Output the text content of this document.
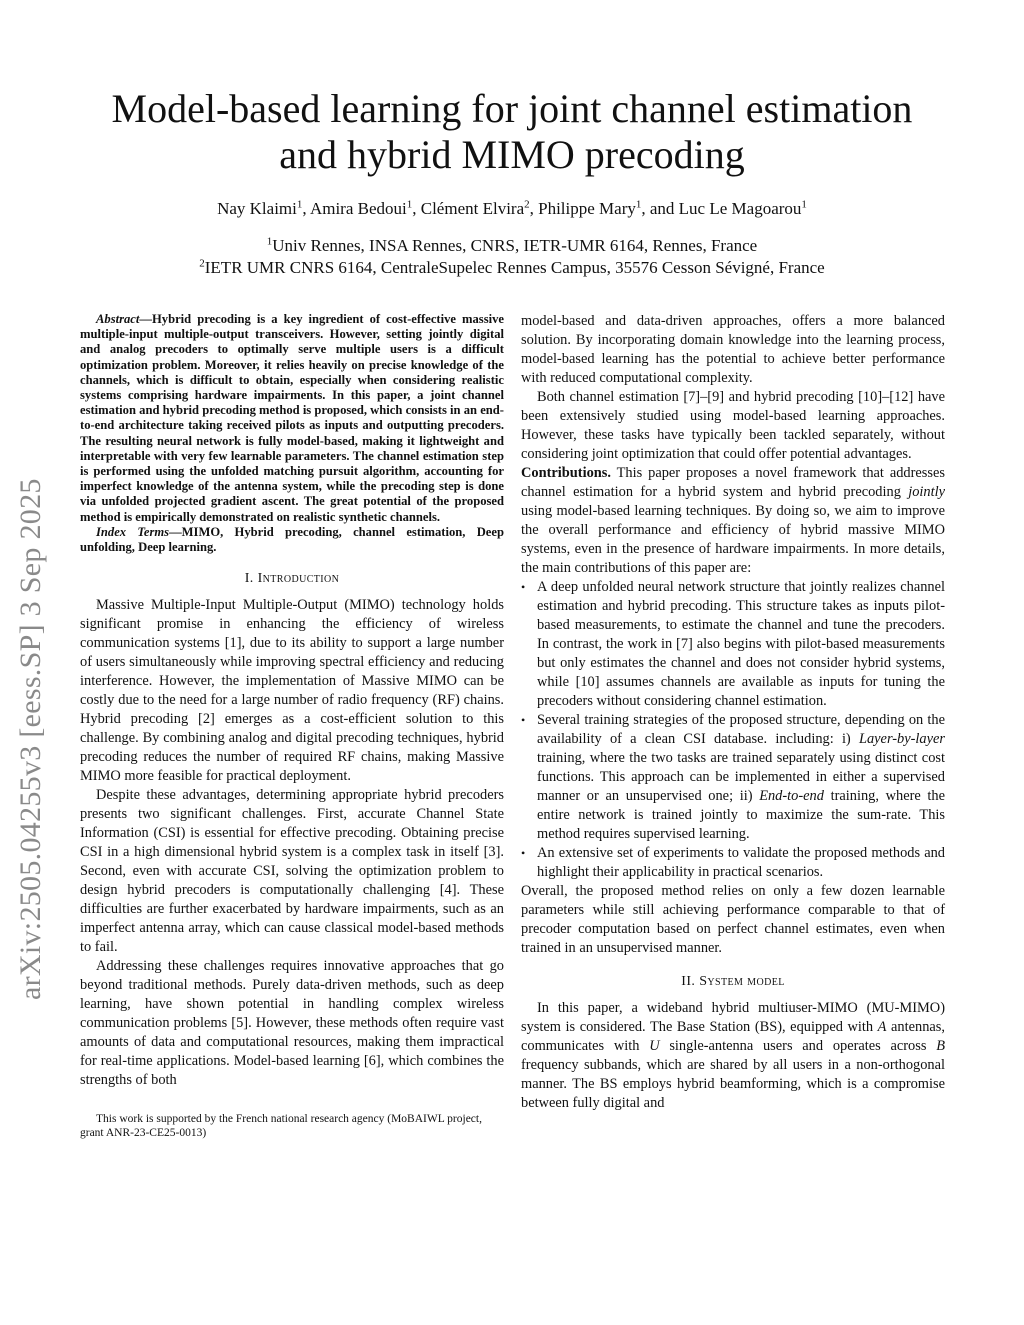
arXiv:2505.04255v3 [eess.SP] 3 Sep 2025
Model-based learning for joint channel estimation
and hybrid MIMO precoding
Nay Klaimi$^1$, Amira Bedoui$^1$, Clément Elvira$^2$, Philippe Mary$^1$, and Luc Le Magoarou$^1$
$^1$Univ Rennes, INSA Rennes, CNRS, IETR-UMR 6164, Rennes, France
$^2$IETR UMR CNRS 6164, CentraleSupelec Rennes Campus, 35576 Cesson Sévigné, France

Abstract—Hybrid precoding is a key ingredient of cost-effective massive multiple-input multiple-output transceivers. However, setting jointly digital and analog precoders to optimally serve multiple users is a difficult optimization problem. Moreover, it relies heavily on precise knowledge of the channels, which is difficult to obtain, especially when considering realistic systems comprising hardware impairments. In this paper, a joint channel estimation and hybrid precoding method is proposed, which consists in an end-to-end architecture taking received pilots as inputs and outputting precoders. The resulting neural network is fully model-based, making it lightweight and interpretable with very few learnable parameters. The channel estimation step is performed using the unfolded matching pursuit algorithm, accounting for imperfect knowledge of the antenna system, while the precoding step is done via unfolded projected gradient ascent. The great potential of the proposed method is empirically demonstrated on realistic synthetic channels.

Index Terms—MIMO, Hybrid precoding, channel estimation, Deep unfolding, Deep learning.

I. Introduction

Massive Multiple-Input Multiple-Output (MIMO) technology holds significant promise in enhancing the efficiency of wireless communication systems [1], due to its ability to support a large number of users simultaneously while improving spectral efficiency and reducing interference. However, the implementation of Massive MIMO can be costly due to the need for a large number of radio frequency (RF) chains. Hybrid precoding [2] emerges as a cost-efficient solution to this challenge. By combining analog and digital precoding techniques, hybrid precoding reduces the number of required RF chains, making Massive MIMO more feasible for practical deployment.

Despite these advantages, determining appropriate hybrid precoders presents two significant challenges. First, accurate Channel State Information (CSI) is essential for effective precoding. Obtaining precise CSI in a high dimensional hybrid system is a complex task in itself [3]. Second, even with accurate CSI, solving the optimization problem to design hybrid precoders is computationally challenging [4]. These difficulties are further exacerbated by hardware impairments, such as an imperfect antenna array, which can cause classical model-based methods to fail.

Addressing these challenges requires innovative approaches that go beyond traditional methods. Purely data-driven methods, such as deep learning, have shown potential in handling complex wireless communication problems [5]. However, these methods often require vast amounts of data and computational resources, making them impractical for real-time applications. Model-based learning [6], which combines the strengths of both

This work is supported by the French national research agency (MoBAIWL project, grant ANR-23-CE25-0013)

model-based and data-driven approaches, offers a more balanced solution. By incorporating domain knowledge into the learning process, model-based learning has the potential to achieve better performance with reduced computational complexity.

Both channel estimation [7]–[9] and hybrid precoding [10]–[12] have been extensively studied using model-based learning approaches. However, these tasks have typically been tackled separately, without considering joint optimization that could offer potential advantages.

Contributions. This paper proposes a novel framework that addresses channel estimation for a hybrid system and hybrid precoding jointly using model-based learning techniques. By doing so, we aim to improve the overall performance and efficiency of hybrid massive MIMO systems, even in the presence of hardware impairments. In more details, the main contributions of this paper are:

• A deep unfolded neural network structure that jointly realizes channel estimation and hybrid precoding. This structure takes as inputs pilot-based measurements, to estimate the channel and tune the precoders. In contrast, the work in [7] also begins with pilot-based measurements but only estimates the channel and does not consider hybrid systems, while [10] assumes channels are available as inputs for tuning the precoders without considering channel estimation.
• Several training strategies of the proposed structure, depending on the availability of a clean CSI database. including: i) Layer-by-layer training, where the two tasks are trained separately using distinct cost functions. This approach can be implemented in either a supervised manner or an unsupervised one; ii) End-to-end training, where the entire network is trained jointly to maximize the sum-rate. This method requires supervised learning.
• An extensive set of experiments to validate the proposed methods and highlight their applicability in practical scenarios.

Overall, the proposed method relies on only a few dozen learnable parameters while still achieving performance comparable to that of precoder computation based on perfect channel estimates, even when trained in an unsupervised manner.

II. System model

In this paper, a wideband hybrid multiuser-MIMO (MU-MIMO) system is considered. The Base Station (BS), equipped with A antennas, communicates with U single-antenna users and operates across B frequency subbands, which are shared by all users in a non-orthogonal manner. The BS employs hybrid beamforming, which is a compromise between fully digital and
